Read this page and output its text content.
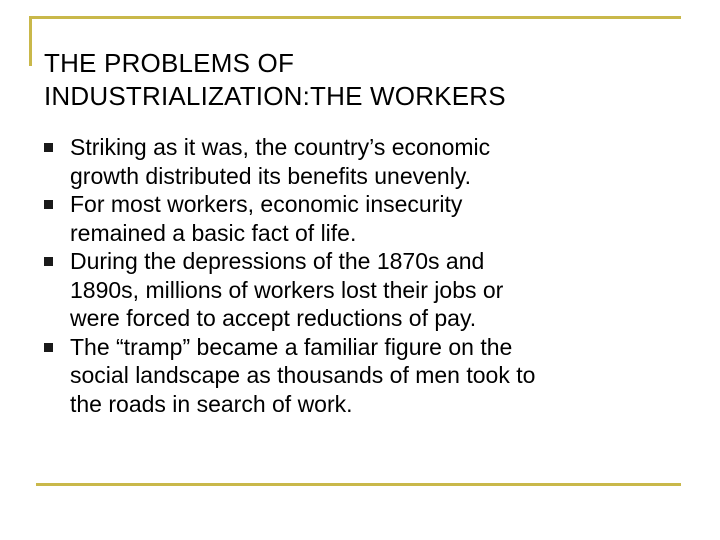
THE PROBLEMS OF
INDUSTRIALIZATION:THE WORKERS
Striking as it was, the country’s economic
growth distributed its benefits unevenly.
For most workers, economic insecurity
remained a basic fact of life.
During the depressions of the 1870s and
1890s, millions of workers lost their jobs or
were forced to accept reductions of pay.
The “tramp” became a familiar figure on the
social landscape as thousands of men took to
the roads in search of work.
